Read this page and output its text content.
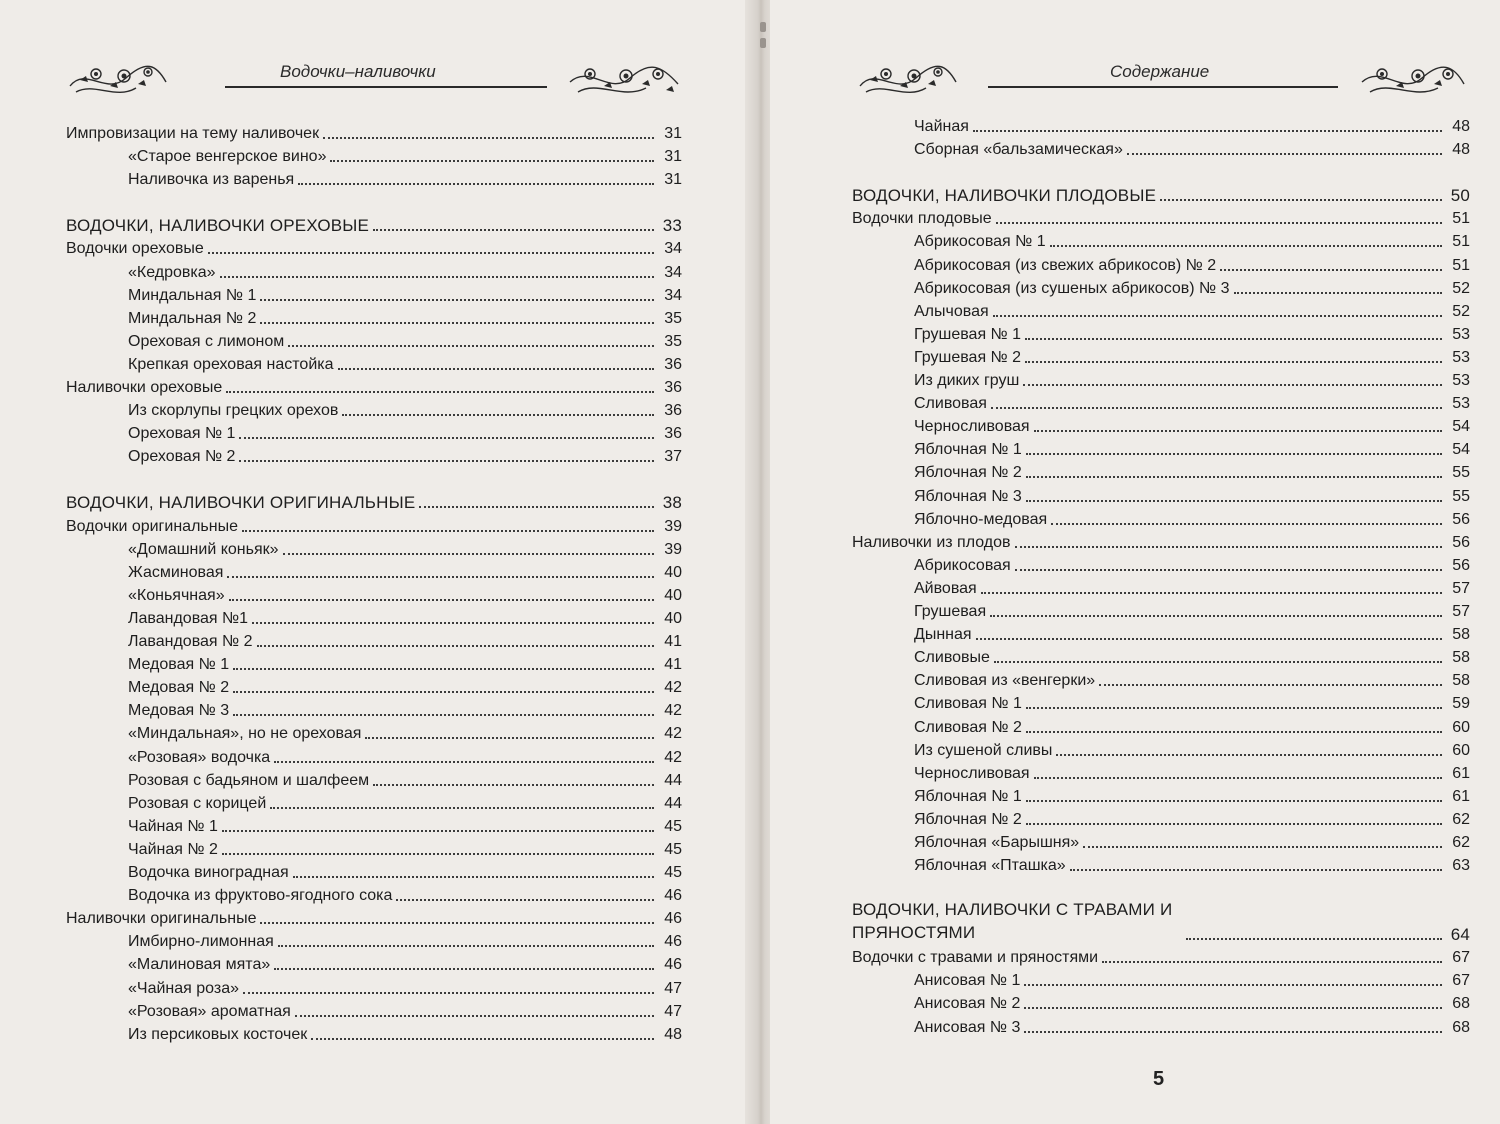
Водочки–наливочки
Импровизации на тему наливочек	31
«Старое венгерское вино»	31
Наливочка из варенья	31
ВОДОЧКИ, НАЛИВОЧКИ ОРЕХОВЫЕ	33
Водочки ореховые	34
«Кедровка»	34
Миндальная № 1	34
Миндальная № 2	35
Ореховая с лимоном	35
Крепкая ореховая настойка	36
Наливочки ореховые	36
Из скорлупы грецких орехов	36
Ореховая № 1	36
Ореховая № 2	37
ВОДОЧКИ, НАЛИВОЧКИ ОРИГИНАЛЬНЫЕ	38
Водочки оригинальные	39
«Домашний коньяк»	39
Жасминовая	40
«Коньячная»	40
Лавандовая №1	40
Лавандовая № 2	41
Медовая № 1	41
Медовая № 2	42
Медовая № 3	42
«Миндальная», но не ореховая	42
«Розовая» водочка	42
Розовая с бадьяном и шалфеем	44
Розовая с корицей	44
Чайная № 1	45
Чайная № 2	45
Водочка виноградная	45
Водочка из фруктово-ягодного сока	46
Наливочки оригинальные	46
Имбирно-лимонная	46
«Малиновая мята»	46
«Чайная роза»	47
«Розовая» ароматная	47
Из персиковых косточек	48
Содержание
Чайная	48
Сборная «бальзамическая»	48
ВОДОЧКИ, НАЛИВОЧКИ ПЛОДОВЫЕ	50
Водочки плодовые	51
Абрикосовая № 1	51
Абрикосовая (из свежих абрикосов) № 2	51
Абрикосовая (из сушеных абрикосов) № 3	52
Алычовая	52
Грушевая № 1	53
Грушевая № 2	53
Из диких груш	53
Сливовая	53
Черносливовая	54
Яблочная № 1	54
Яблочная № 2	55
Яблочная № 3	55
Яблочно-медовая	56
Наливочки из плодов	56
Абрикосовая	56
Айвовая	57
Грушевая	57
Дынная	58
Сливовые	58
Сливовая из «венгерки»	58
Сливовая № 1	59
Сливовая № 2	60
Из сушеной сливы	60
Черносливовая	61
Яблочная № 1	61
Яблочная № 2	62
Яблочная «Барышня»	62
Яблочная «Пташка»	63
ВОДОЧКИ, НАЛИВОЧКИ С ТРАВАМИ И ПРЯНОСТЯМИ	64
Водочки с травами и пряностями	67
Анисовая № 1	67
Анисовая № 2	68
Анисовая № 3	68
5
